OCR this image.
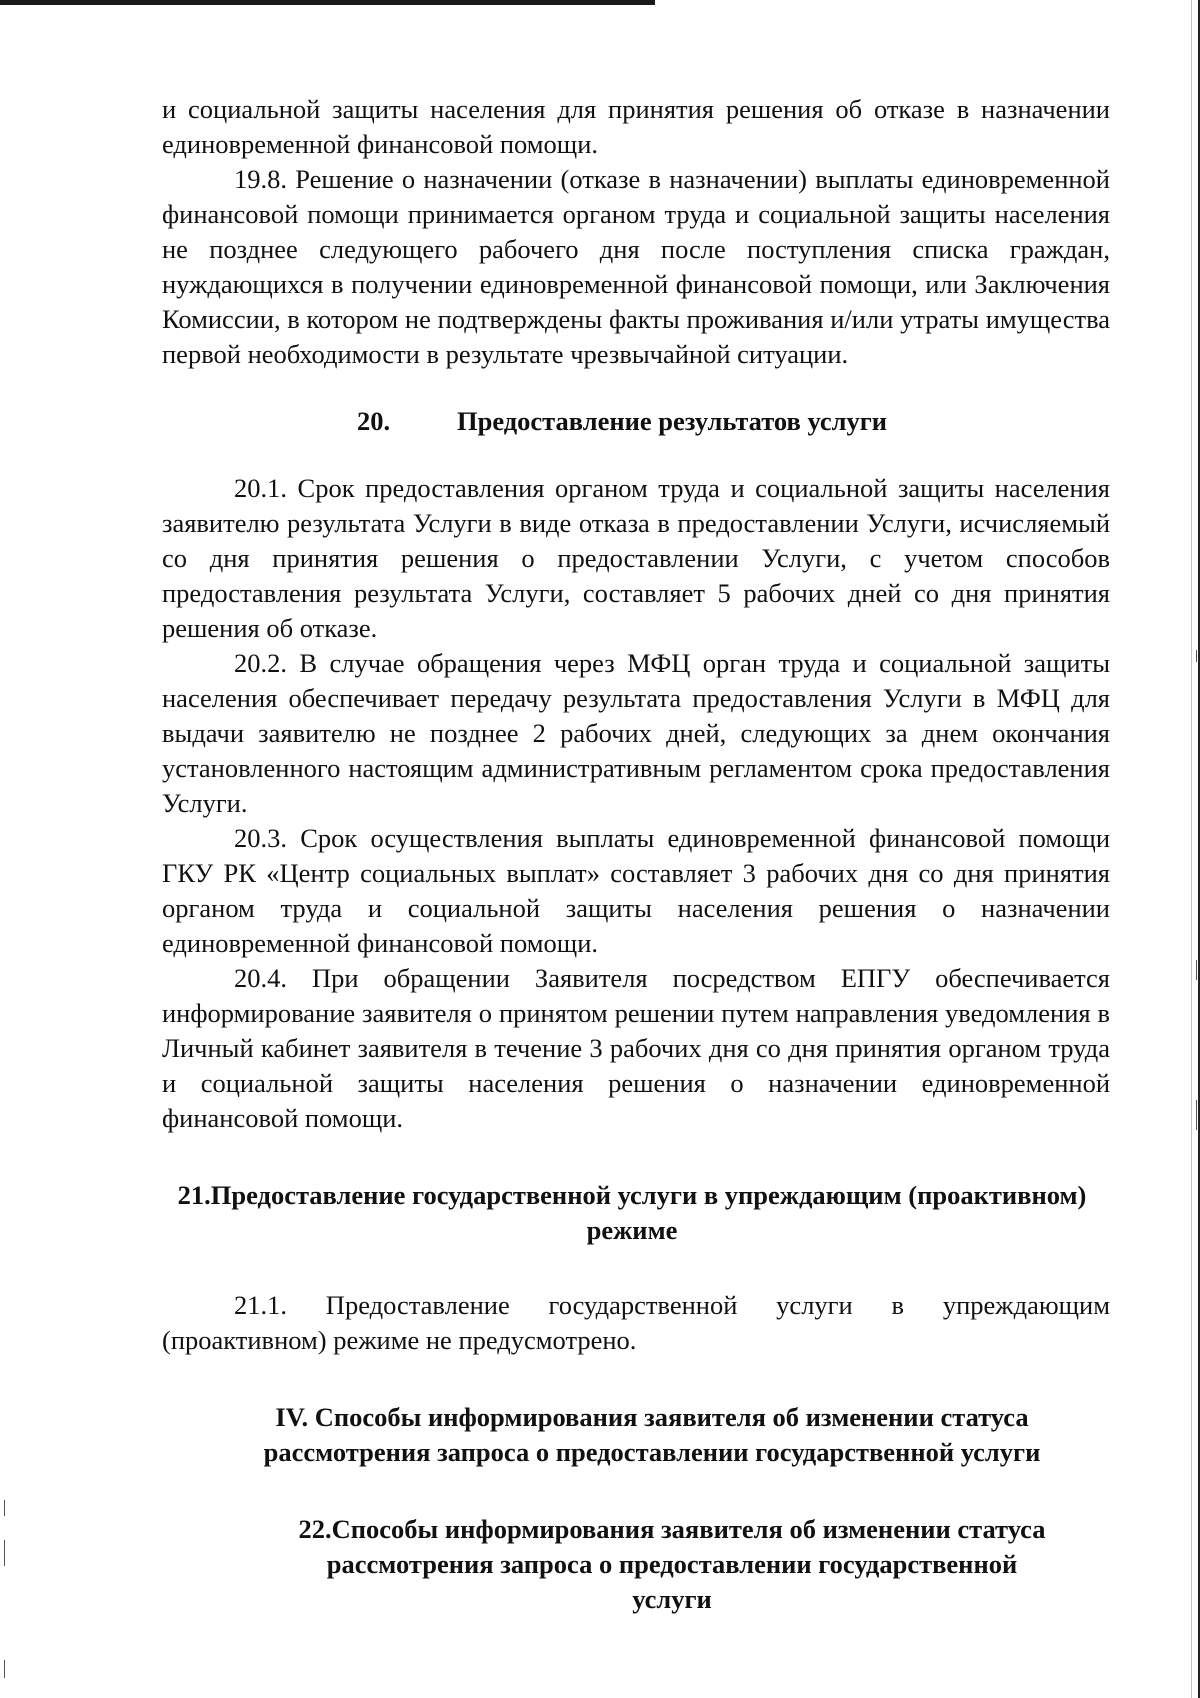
и социальной защиты населения для принятия решения об отказе в назначении единовременной финансовой помощи.

19.8. Решение о назначении (отказе в назначении) выплаты единовременной финансовой помощи принимается органом труда и социальной защиты населения не позднее следующего рабочего дня после поступления списка граждан, нуждающихся в получении единовременной финансовой помощи, или Заключения Комиссии, в котором не подтверждены факты проживания и/или утраты имущества первой необходимости в результате чрезвычайной ситуации.

20.	Предоставление результатов услуги

20.1. Срок предоставления органом труда и социальной защиты населения заявителю результата Услуги в виде отказа в предоставлении Услуги, исчисляемый со дня принятия решения о предоставлении Услуги, с учетом способов предоставления результата Услуги, составляет 5 рабочих дней со дня принятия решения об отказе.

20.2. В случае обращения через МФЦ орган труда и социальной защиты населения обеспечивает передачу результата предоставления Услуги в МФЦ для выдачи заявителю не позднее 2 рабочих дней, следующих за днем окончания установленного настоящим административным регламентом срока предоставления Услуги.

20.3. Срок осуществления выплаты единовременной финансовой помощи ГКУ РК «Центр социальных выплат» составляет 3 рабочих дня со дня принятия органом труда и социальной защиты населения решения о назначении единовременной финансовой помощи.

20.4. При обращении Заявителя посредством ЕПГУ обеспечивается информирование заявителя о принятом решении путем направления уведомления в Личный кабинет заявителя в течение 3 рабочих дня со дня принятия органом труда и социальной защиты населения решения о назначении единовременной финансовой помощи.

21.Предоставление государственной услуги в упреждающим (проактивном)
режиме

21.1. Предоставление государственной услуги в упреждающим (проактивном) режиме не предусмотрено.

IV. Способы информирования заявителя об изменении статуса
рассмотрения запроса о предоставлении государственной услуги
22.Способы информирования заявителя об изменении статуса
рассмотрения запроса о предоставлении государственной
услуги
